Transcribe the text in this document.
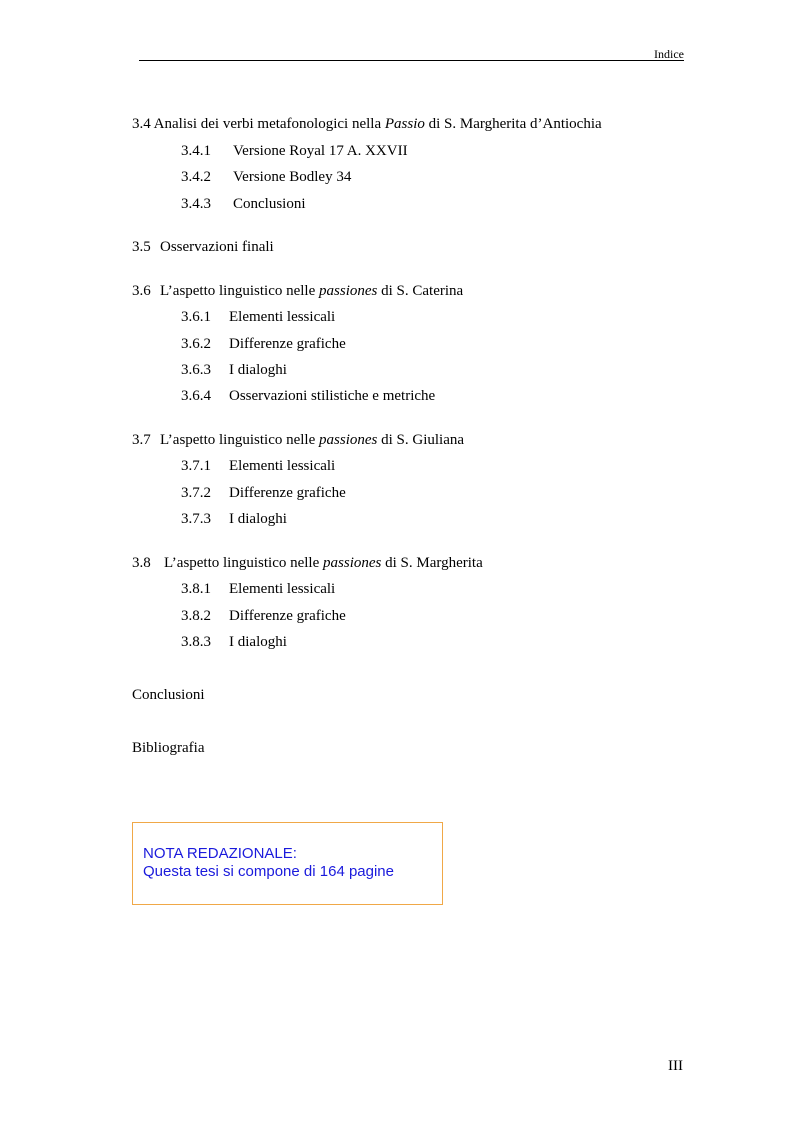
Indice
3.4 Analisi dei verbi metafonologici nella Passio di S. Margherita d’Antiochia
3.4.1 Versione Royal 17 A. XXVII
3.4.2 Versione Bodley 34
3.4.3 Conclusioni
3.5 Osservazioni finali
3.6 L’aspetto linguistico nelle passiones di S. Caterina
3.6.1 Elementi lessicali
3.6.2 Differenze grafiche
3.6.3 I dialoghi
3.6.4 Osservazioni stilistiche e metriche
3.7 L’aspetto linguistico nelle passiones di S. Giuliana
3.7.1 Elementi lessicali
3.7.2 Differenze grafiche
3.7.3 I dialoghi
3.8 L’aspetto linguistico nelle passiones di S. Margherita
3.8.1 Elementi lessicali
3.8.2 Differenze grafiche
3.8.3 I dialoghi
Conclusioni
Bibliografia
NOTA REDAZIONALE:
Questa tesi si compone di 164 pagine
III
